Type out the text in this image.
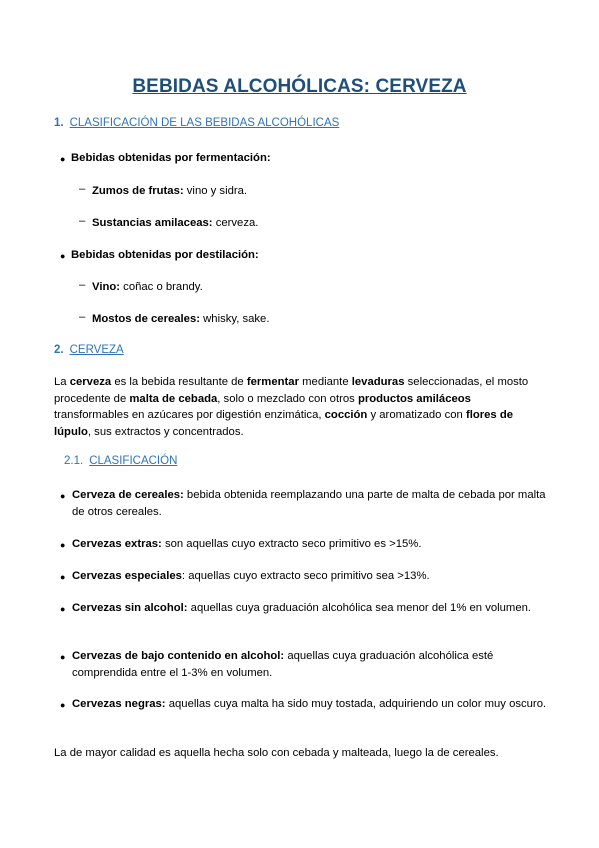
BEBIDAS ALCOHÓLICAS: CERVEZA
1. CLASIFICACIÓN DE LAS BEBIDAS ALCOHÓLICAS
● Bebidas obtenidas por fermentación:
– Zumos de frutas: vino y sidra.
– Sustancias amilaceas: cerveza.
● Bebidas obtenidas por destilación:
– Vino: coñac o brandy.
– Mostos de cereales: whisky, sake.
2. CERVEZA
La cerveza es la bebida resultante de fermentar mediante levaduras seleccionadas, el mosto procedente de malta de cebada, solo o mezclado con otros productos amiláceos transformables en azúcares por digestión enzimática, cocción y aromatizado con flores de lúpulo, sus extractos y concentrados.
2.1. CLASIFICACIÓN
● Cerveza de cereales: bebida obtenida reemplazando una parte de malta de cebada por malta de otros cereales.
● Cervezas extras: son aquellas cuyo extracto seco primitivo es >15%.
● Cervezas especiales: aquellas cuyo extracto seco primitivo sea >13%.
● Cervezas sin alcohol: aquellas cuya graduación alcohólica sea menor del 1% en volumen.
● Cervezas de bajo contenido en alcohol: aquellas cuya graduación alcohólica esté comprendida entre el 1-3% en volumen.
● Cervezas negras: aquellas cuya malta ha sido muy tostada, adquiriendo un color muy oscuro.
La de mayor calidad es aquella hecha solo con cebada y malteada, luego la de cereales.
